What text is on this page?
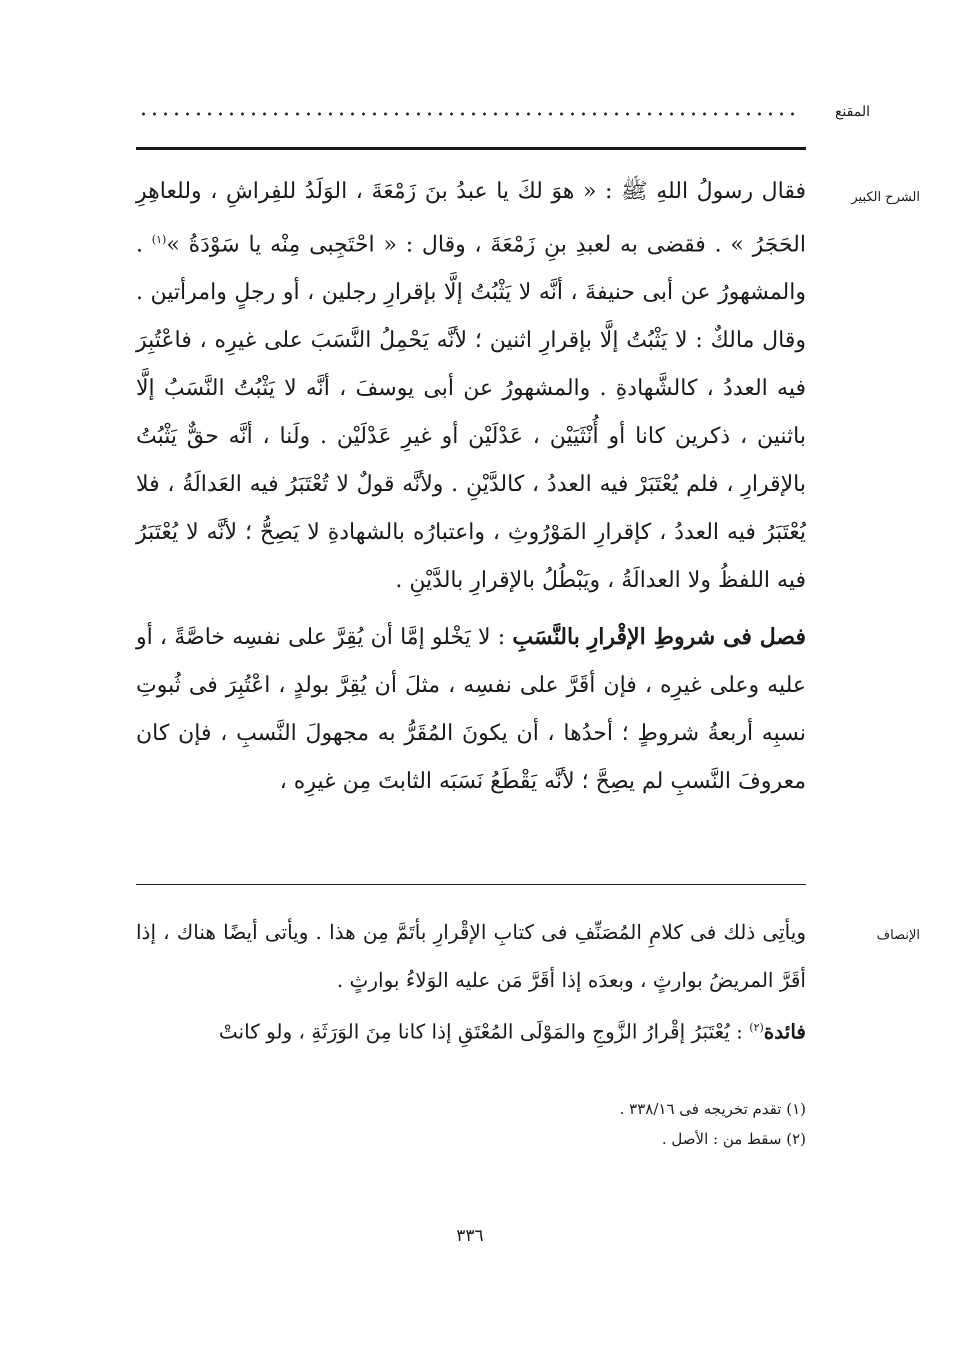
المقنع
الشرح الكبير

فقال رسولُ اللهِ ﷺ : « هوَ لكَ يا عبدُ بنَ زَمْعَةَ ، الوَلَدُ للفِراشِ ، وللعاهِرِ الحَجَرُ » . فقضى به لعبدِ بنِ زَمْعَةَ ، وقال : « احْتَجِبى مِنْه يا سَوْدَةُ »$^{(١)}$ . والمشهورُ عن أبى حنيفةَ ، أنَّه لا يَثْبُتُ إلَّا بإقرارِ رجلين ، أو رجلٍ وامرأتين . وقال مالكٌ : لا يَثْبُتُ إلَّا بإقرارِ اثنين ؛ لأنَّه يَحْمِلُ النَّسَبَ على غيرِه ، فاعْتُبِرَ فيه العددُ ، كالشَّهادةِ . والمشهورُ عن أبى يوسفَ ، أنَّه لا يَثْبُتُ النَّسَبُ إلَّا باثنين ، ذكرين كانا أو أُنْثَيَيْن ، عَدْلَيْن أو غيرِ عَدْلَيْن . ولَنا ، أنَّه حقٌّ يَثْبُتُ بالإقرارِ ، فلم يُعْتَبَرْ فيه العددُ ، كالدَّيْنِ . ولأنَّه قولٌ لا تُعْتَبَرُ فيه العَدالَةُ ، فلا يُعْتَبَرُ فيه العددُ ، كإقرارِ المَوْرُوثِ ، واعتبارُه بالشهادةِ لا يَصِحُّ ؛ لأنَّه لا يُعْتَبَرُ فيه اللفظُ ولا العدالَةُ ، ويَبْطُلُ بالإقرارِ بالدَّيْنِ .

فصل فى شروطِ الإقْرارِ بالنَّسَبِ : لا يَخْلو إمَّا أن يُقِرَّ على نفسِه خاصَّةً ، أو عليه وعلى غيرِه ، فإن أقَرَّ على نفسِه ، مثلَ أن يُقِرَّ بولدٍ ، اعْتُبِرَ فى ثُبوتِ نسبِه أربعةُ شروطٍ ؛ أحدُها ، أن يكونَ المُقَرُّ به مجهولَ النَّسبِ ، فإن كان معروفَ النَّسبِ لم يصِحَّ ؛ لأنَّه يَقْطَعُ نَسَبَه الثابتَ مِن غيرِه ،

الإنصاف

ويأتِى ذلك فى كلامِ المُصَنِّفِ فى كتابِ الإقْرارِ بأتَمَّ مِن هذا . ويأتى أيضًا هناك ، إذا أقَرَّ المريضُ بوارثٍ ، وبعدَه إذا أقَرَّ مَن عليه الوَلاءُ بوارثٍ .

فائدة$^{(٢)}$ : يُعْتَبَرُ إقْرارُ الزَّوجِ والمَوْلَى المُعْتَقِ إذا كانا مِنَ الوَرَثَةِ ، ولو كانتْ

(١) تقدم تخريجه فى ٣٣٨/١٦ .
(٢) سقط من : الأصل .
٣٣٦
